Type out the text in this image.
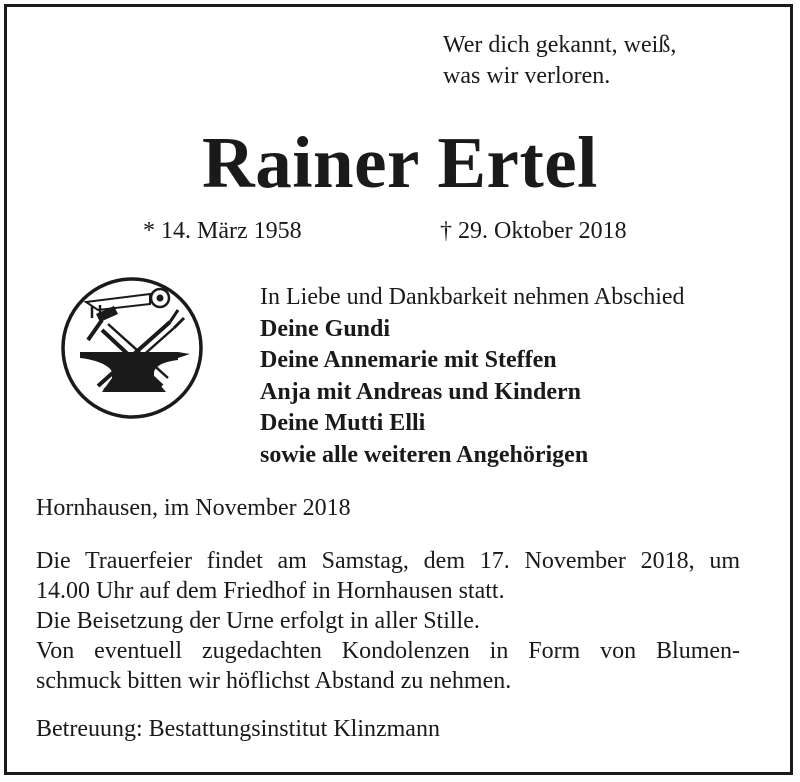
Wer dich gekannt, weiß,
was wir verloren.
Rainer Ertel
* 14. März 1958	† 29. Oktober 2018
In Liebe und Dankbarkeit nehmen Abschied
Deine Gundi
Deine Annemarie mit Steffen
Anja mit Andreas und Kindern
Deine Mutti Elli
sowie alle weiteren Angehörigen
Hornhausen, im November 2018
Die Trauerfeier findet am Samstag, dem 17. November 2018, um
14.00 Uhr auf dem Friedhof in Hornhausen statt.
Die Beisetzung der Urne erfolgt in aller Stille.
Von eventuell zugedachten Kondolenzen in Form von Blumen-
schmuck bitten wir höflichst Abstand zu nehmen.
Betreuung: Bestattungsinstitut Klinzmann
